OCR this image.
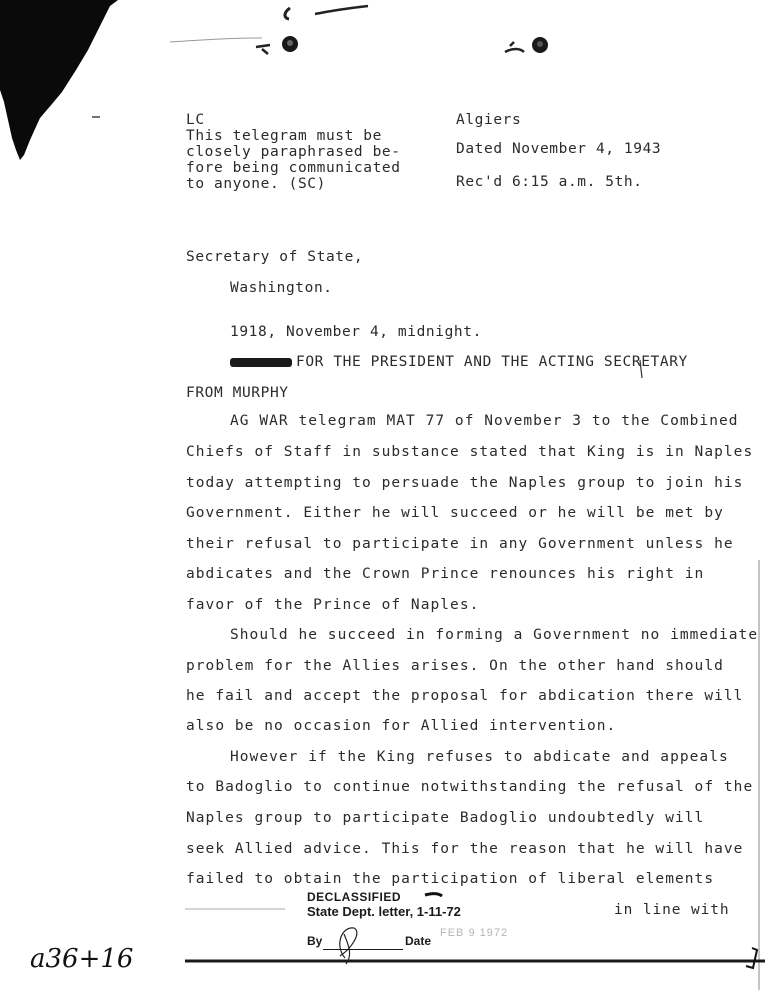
LC
This telegram must be
closely paraphrased be-
fore being communicated
to anyone. (SC)
Algiers
Dated November 4, 1943
Rec'd 6:15 a.m. 5th.
Secretary of State,
Washington.
1918, November 4, midnight.
FOR THE PRESIDENT AND THE ACTING SECRETARY
FROM MURPHY
AG WAR telegram MAT 77 of November 3 to the Combined
Chiefs of Staff in substance stated that King is in Naples
today attempting to persuade the Naples group to join his
Government. Either he will succeed or he will be met by
their refusal to participate in any Government unless he
abdicates and the Crown Prince renounces his right in
favor of the Prince of Naples.
Should he succeed in forming a Government no immediate
problem for the Allies arises. On the other hand should
he fail and accept the proposal for abdication there will
also be no occasion for Allied intervention.
However if the King refuses to abdicate and appeals
to Badoglio to continue notwithstanding the refusal of the
Naples group to participate Badoglio undoubtedly will
seek Allied advice. This for the reason that he will have
failed to obtain the participation of liberal elements
in line with
DECLASSIFIED
State Dept. letter, 1-11-72
By	Date
FEB 9 1972
a36+16
